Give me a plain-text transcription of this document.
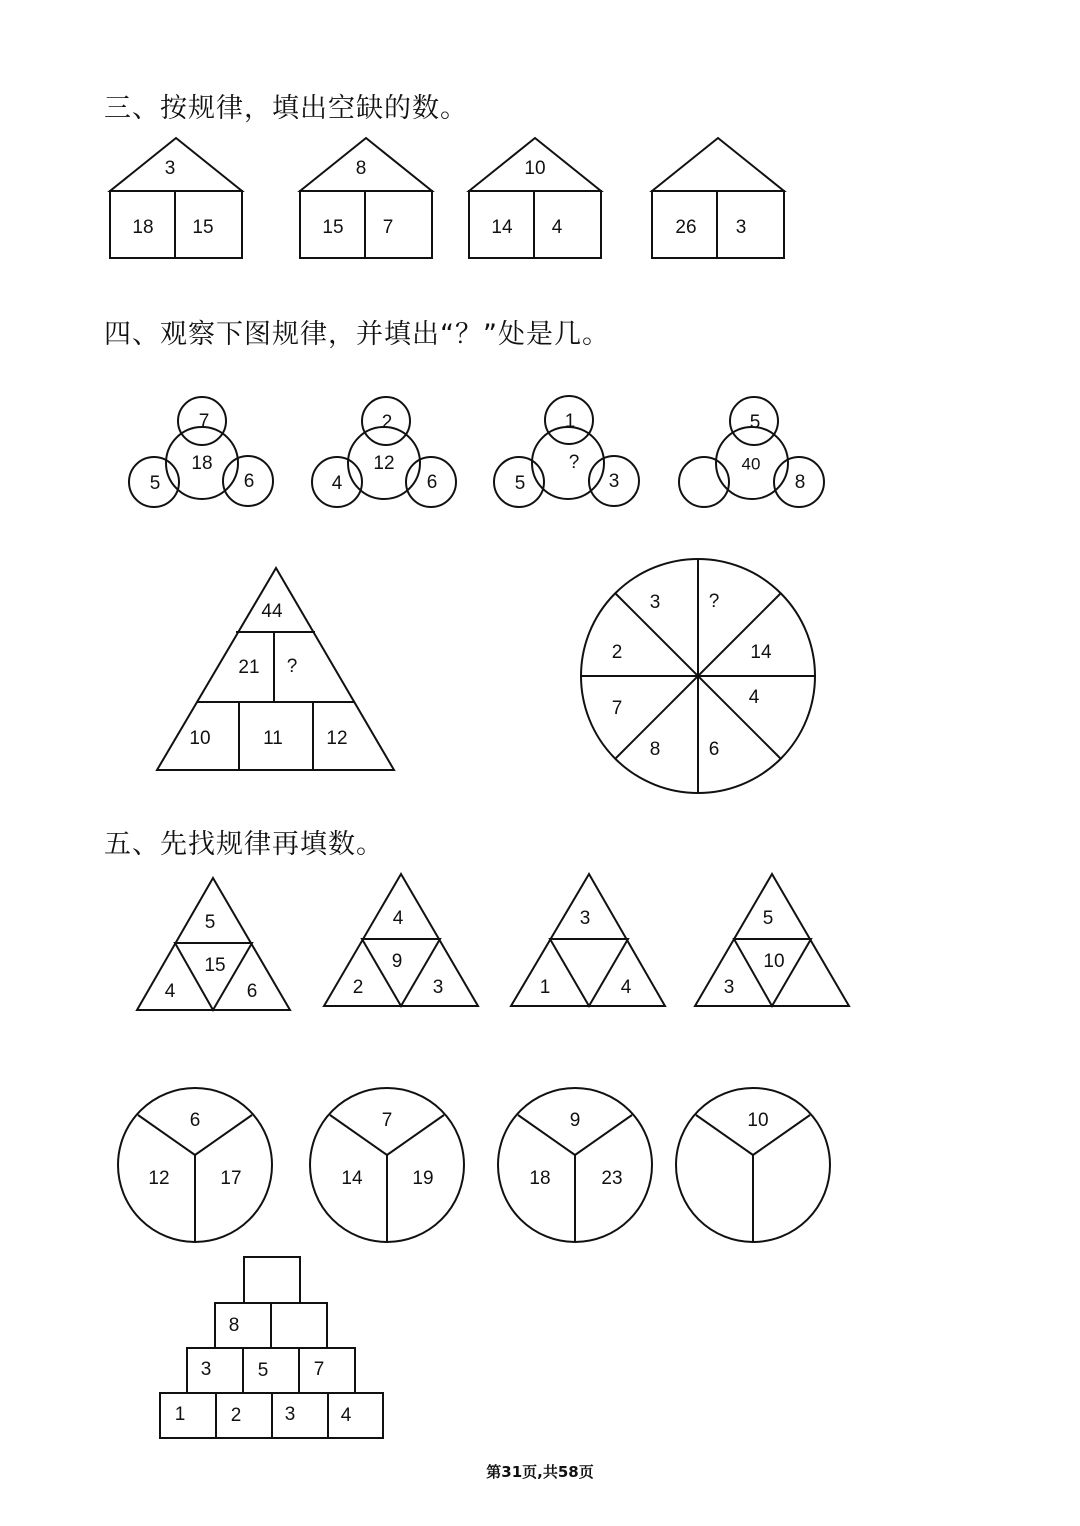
三、按规律，填出空缺的数。
四、观察下图规律，并填出“？”处是几。
五、先找规律再填数。
3
18 15
8
15 7
10
14 4	26 3
7
18
5	6
2
12
4	6
1
?
5	3
5
40
8
44
21 ?
10	11 12
3	?
2	14
7
4
8	6
5
15
4	6
4
9
2	3
3
1	4
5
10
3
6
12	17
7
14	19
9
18	23
10
8
3 5 7
1 2 3 4
第31页,共58页
